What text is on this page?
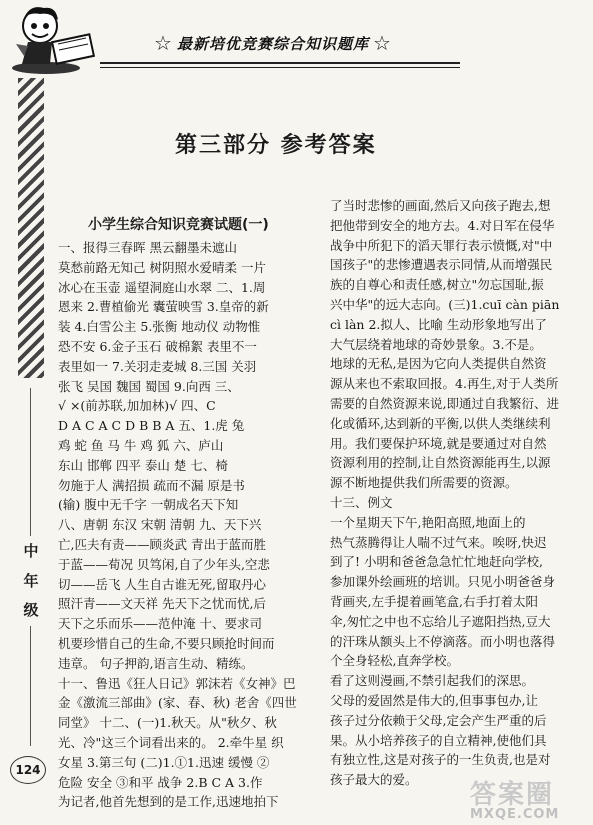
☆ 最新培优竞赛综合知识题库 ☆
中
年
级
124
第三部分 参考答案
小学生综合知识竞赛试题(一)
一、报得三春晖 黑云翻墨未遮山
莫愁前路无知己 树阴照水爱晴柔 一片
冰心在玉壶 遥望洞庭山水翠 二、1.周
恩来 2.曹植偷光 囊萤映雪 3.皇帝的新
装 4.白雪公主 5.张衡 地动仪 动物惟
恐不安 6.金子玉石 破棉絮 表里不一
表里如一 7.关羽走麦城 8.三国 关羽
张飞 吴国 魏国 蜀国 9.向西 三、
√ ×(前苏联,加加林)√ 四、C
D A C A C D B B A 五、1.虎 兔
鸡 蛇 鱼 马 牛 鸡 狐 六、庐山
东山 邯郸 四平 泰山 楚 七、椅
勿施于人 满招损 疏而不漏 原是书
(输) 腹中无千字 一朝成名天下知
八、唐朝 东汉 宋朝 清朝 九、天下兴
亡,匹夫有责——顾炎武 青出于蓝而胜
于蓝——荀况 贝笃闲,自了少年头,空悲
切——岳飞 人生自古谁无死,留取丹心
照汗青——文天祥 先天下之忧而忧,后
天下之乐而乐——范仲淹 十、要求司
机要珍惜自己的生命,不要只顾抢时间而
违章。 句子押韵,语言生动、精练。
十一、鲁迅《狂人日记》郭沫若《女神》巴
金《激流三部曲》(家、春、秋) 老舍《四世
同堂》 十二、(一)1.秋天。从"秋夕、秋
光、冷"这三个词看出来的。 2.牵牛星 织
女星 3.第三句 (二)1.①1.迅速 缓慢 ②
危险 安全 ③和平 战争 2.B C A 3.作
为记者,他首先想到的是工作,迅速地拍下
了当时悲惨的画面,然后又向孩子跑去,想
把他带到安全的地方去。4.对日军在侵华
战争中所犯下的滔天罪行表示愤慨,对"中
国孩子"的悲惨遭遇表示同情,从而增强民
族的自尊心和责任感,树立"勿忘国耻,振
兴中华"的远大志向。(三)1.cuī càn piān
cì làn 2.拟人、比喻 生动形象地写出了
大气层绕着地球的奇妙景象。3.不是。
地球的无私,是因为它向人类提供自然资
源从来也不索取回报。4.再生,对于人类所
需要的自然资源来说,即通过自我繁衍、进
化或循环,达到新的平衡,以供人类继续利
用。我们要保护环境,就是要通过对自然
资源利用的控制,让自然资源能再生,以源
源不断地提供我们所需要的资源。
十三、例文
一个星期天下午,艳阳高照,地面上的
热气蒸腾得让人喘不过气来。唉呀,快迟
到了! 小明和爸爸急急忙忙地赶向学校,
参加课外绘画班的培训。只见小明爸爸身
背画夹,左手提着画笔盒,右手打着太阳
伞,匆忙之中也不忘给儿子遮阳挡热,豆大
的汗珠从额头上不停滴落。而小明也落得
个全身轻松,直奔学校。
看了这则漫画,不禁引起我们的深思。
父母的爱固然是伟大的,但事事包办,让
孩子过分依赖于父母,定会产生严重的后
果。从小培养孩子的自立精神,使他们具
有独立性,这是对孩子的一生负责,也是对
孩子最大的爱。
答案圈
MXQE.COM
